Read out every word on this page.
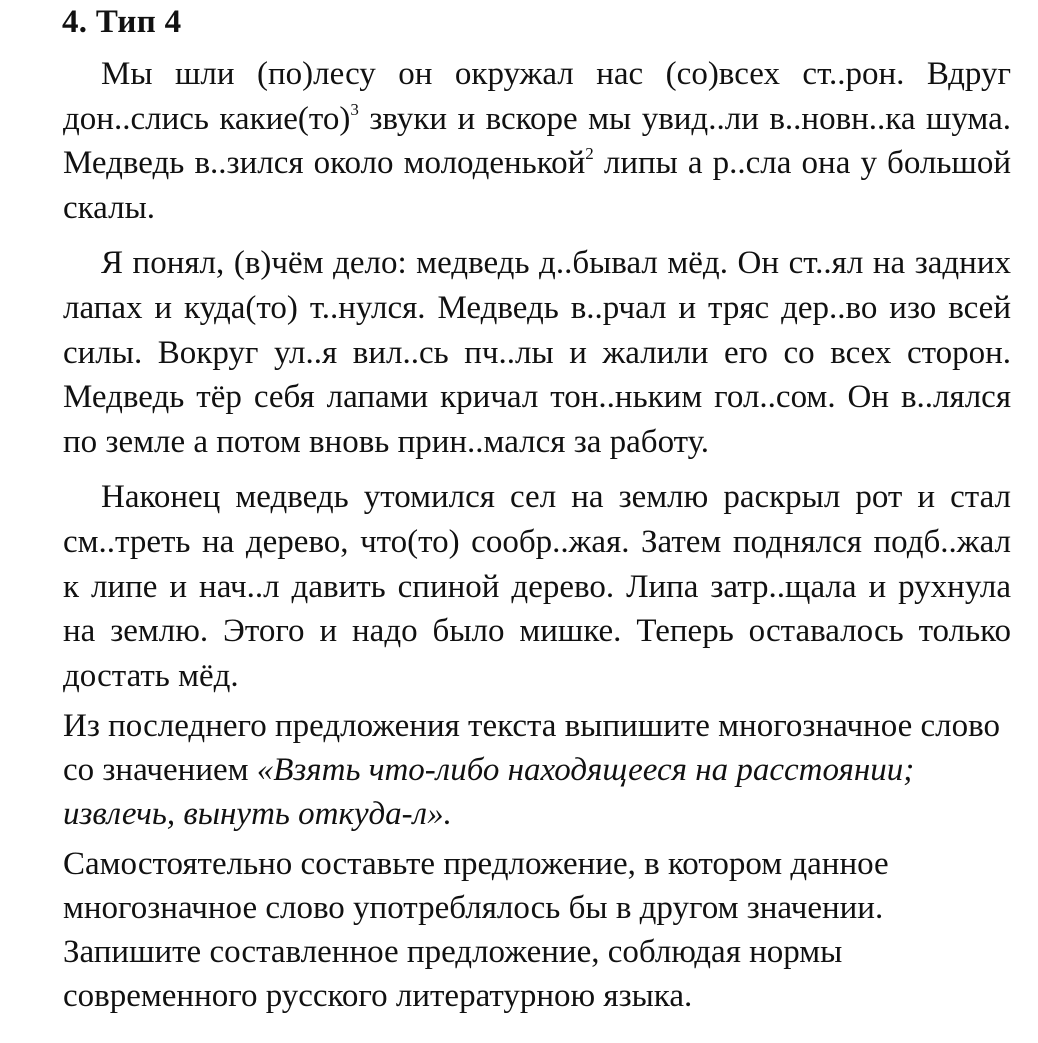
4. Тип 4

Мы шли (по)лесу он окружал нас (со)всех ст..рон. Вдруг дон..слись какие(то)$^3$ звуки и вскоре мы увид..ли в..новн..ка шума. Медведь в..зился около молоденькой$^2$ липы а р..сла она у большой скалы.

Я понял, (в)чём дело: медведь д..бывал мёд. Он ст..ял на задних лапах и куда(то) т..нулся. Медведь в..рчал и тряс дер..во изо всей силы. Вокруг ул..я вил..сь пч..лы и жалили его со всех сторон. Медведь тёр себя лапами кричал тон..ньким гол..сом. Он в..лялся по земле а потом вновь прин..мался за работу.

Наконец медведь утомился сел на землю раскрыл рот и стал см..треть на дерево, что(то) сообр..жая. Затем поднялся подб..жал к липе и нач..л давить спиной дерево. Липа затр..щала и рухнула на землю. Этого и надо было мишке. Теперь оставалось только достать мёд.

Из последнего предложения текста выпишите многозначное слово со значением «Взять что-либо находящееся на расстоянии; извлечь, вынуть откуда-л».

Самостоятельно составьте предложение, в котором данное многозначное слово употреблялось бы в другом значении. Запишите составленное предложение, соблюдая нормы современного русского литературною языка.
